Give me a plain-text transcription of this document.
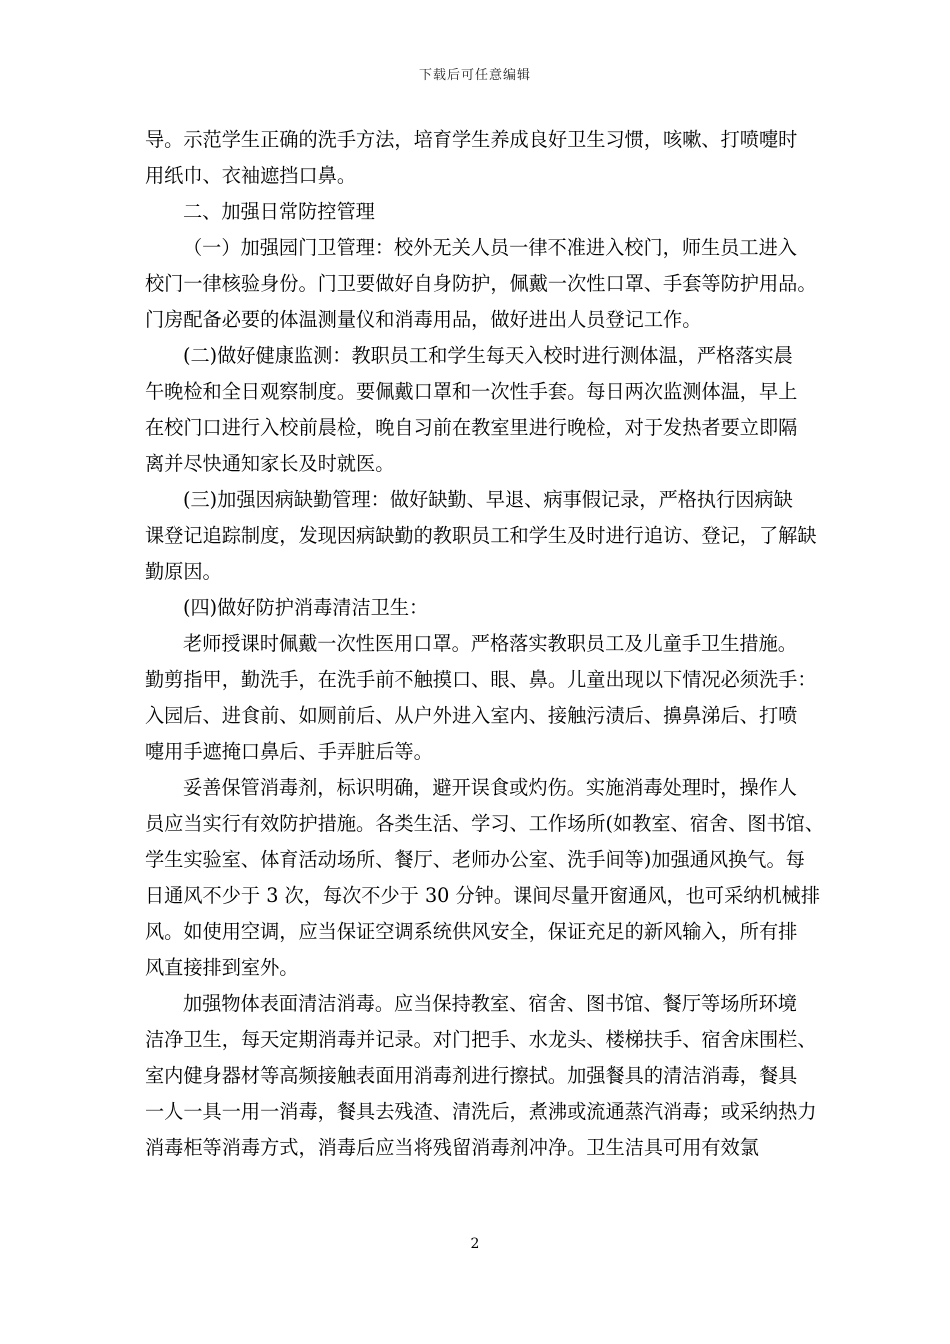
下载后可任意编辑
导。示范学生正确的洗手方法，培育学生养成良好卫生习惯，咳嗽、打喷嚏时
用纸巾、衣袖遮挡口鼻。
二、加强日常防控管理
（一）加强园门卫管理：校外无关人员一律不准进入校门，师生员工进入
校门一律核验身份。门卫要做好自身防护，佩戴一次性口罩、手套等防护用品。
门房配备必要的体温测量仪和消毒用品，做好进出人员登记工作。
(二)做好健康监测：教职员工和学生每天入校时进行测体温，严格落实晨
午晚检和全日观察制度。要佩戴口罩和一次性手套。每日两次监测体温，早上
在校门口进行入校前晨检，晚自习前在教室里进行晚检，对于发热者要立即隔
离并尽快通知家长及时就医。
(三)加强因病缺勤管理：做好缺勤、早退、病事假记录，严格执行因病缺
课登记追踪制度，发现因病缺勤的教职员工和学生及时进行追访、登记，了解缺
勤原因。
(四)做好防护消毒清洁卫生：
老师授课时佩戴一次性医用口罩。严格落实教职员工及儿童手卫生措施。
勤剪指甲，勤洗手，在洗手前不触摸口、眼、鼻。儿童出现以下情况必须洗手：
入园后、进食前、如厕前后、从户外进入室内、接触污渍后、擤鼻涕后、打喷
嚏用手遮掩口鼻后、手弄脏后等。
妥善保管消毒剂，标识明确，避开误食或灼伤。实施消毒处理时，操作人
员应当实行有效防护措施。各类生活、学习、工作场所(如教室、宿舍、图书馆、
学生实验室、体育活动场所、餐厅、老师办公室、洗手间等)加强通风换气。每
日通风不少于 3 次，每次不少于 30 分钟。课间尽量开窗通风，也可采纳机械排
风。如使用空调，应当保证空调系统供风安全，保证充足的新风输入，所有排
风直接排到室外。
加强物体表面清洁消毒。应当保持教室、宿舍、图书馆、餐厅等场所环境
洁净卫生，每天定期消毒并记录。对门把手、水龙头、楼梯扶手、宿舍床围栏、
室内健身器材等高频接触表面用消毒剂进行擦拭。加强餐具的清洁消毒，餐具
一人一具一用一消毒，餐具去残渣、清洗后，煮沸或流通蒸汽消毒；或采纳热力
消毒柜等消毒方式，消毒后应当将残留消毒剂冲净。卫生洁具可用有效氯
2
